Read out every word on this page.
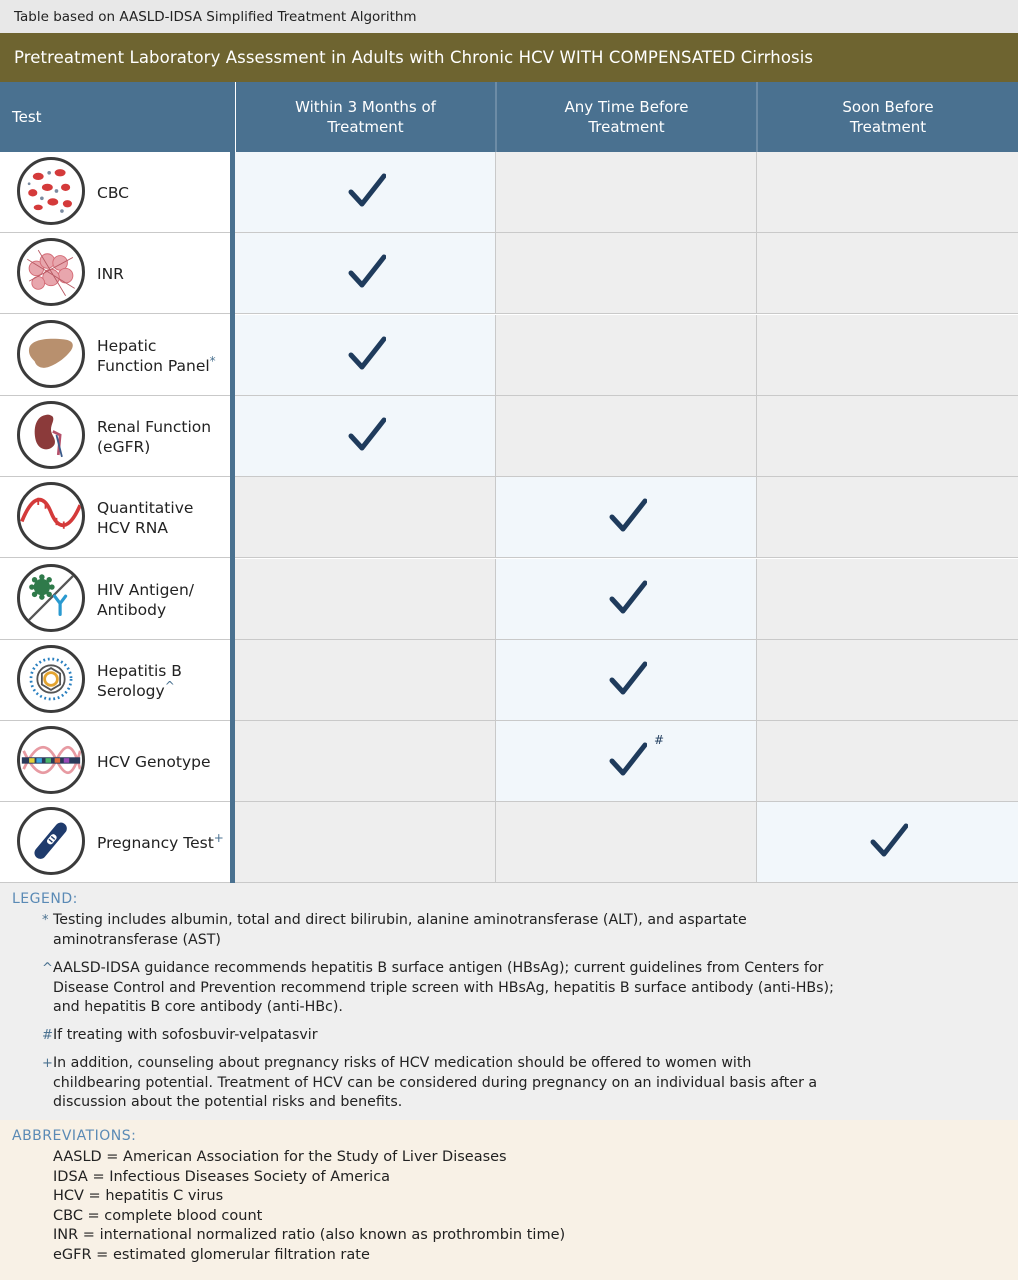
Table based on AASLD-IDSA Simplified Treatment Algorithm
Pretreatment Laboratory Assessment in Adults with Chronic HCV WITH COMPENSATED Cirrhosis
Test
Within 3 Months of
Treatment
Any Time Before
Treatment
Soon Before
Treatment
CBC
INR
Hepatic
Function Panel*
Renal Function
(eGFR)
Quantitative
HCV RNA
HIV Antigen/
Antibody
Hepatitis B
Serology^
HCV Genotype
#
Pregnancy Test+
LEGEND:
* Testing includes albumin, total and direct bilirubin, alanine aminotransferase (ALT), and aspartate
aminotransferase (AST)
^ AALSD-IDSA guidance recommends hepatitis B surface antigen (HBsAg); current guidelines from Centers for
Disease Control and Prevention recommend triple screen with HBsAg, hepatitis B surface antibody (anti-HBs);
and hepatitis B core antibody (anti-HBc).
# If treating with sofosbuvir-velpatasvir
+ In addition, counseling about pregnancy risks of HCV medication should be offered to women with
childbearing potential. Treatment of HCV can be considered during pregnancy on an individual basis after a
discussion about the potential risks and benefits.
ABBREVIATIONS:
AASLD = American Association for the Study of Liver Diseases
IDSA = Infectious Diseases Society of America
HCV = hepatitis C virus
CBC = complete blood count
INR = international normalized ratio (also known as prothrombin time)
eGFR = estimated glomerular filtration rate
